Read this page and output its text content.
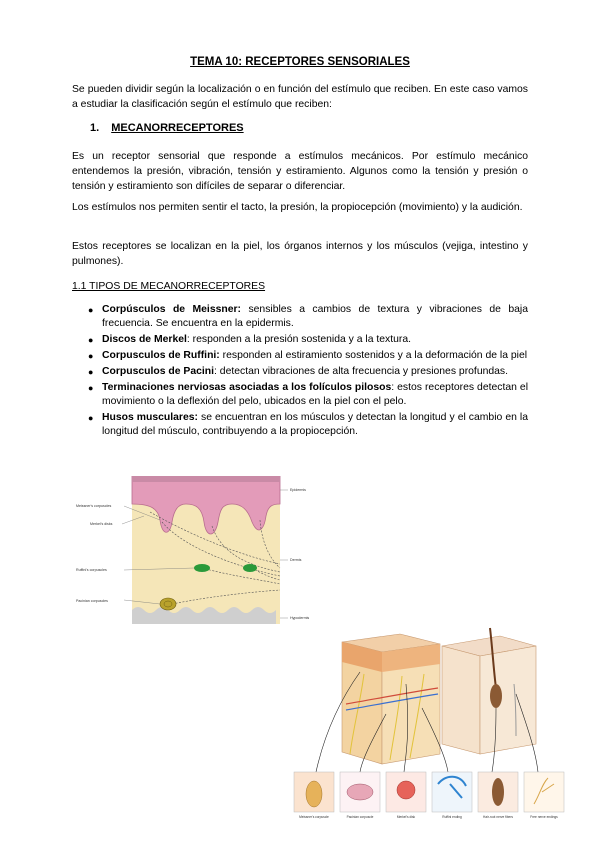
TEMA 10: RECEPTORES SENSORIALES

Se pueden dividir según la localización o en función del estímulo que reciben. En este caso vamos a estudiar la clasificación según el estímulo que reciben:

1. MECANORRECEPTORES

Es un receptor sensorial que responde a estímulos mecánicos. Por estímulo mecánico entendemos la presión, vibración, tensión y estiramiento. Algunos como la tensión y presión o tensión y estiramiento son difíciles de separar o diferenciar.

Los estímulos nos permiten sentir el tacto, la presión, la propiocepción (movimiento) y la audición.

Estos receptores se localizan en la piel, los órganos internos y los músculos (vejiga, intestino y pulmones).

1.1 TIPOS DE MECANORRECEPTORES
● Corpúsculos de Meissner: sensibles a cambios de textura y vibraciones de baja frecuencia. Se encuentra en la epidermis.
● Discos de Merkel: responden a la presión sostenida y a la textura.
● Corpusculos de Ruffini: responden al estiramiento sostenidos y a la deformación de la piel
● Corpusculos de Pacini: detectan vibraciones de alta frecuencia y presiones profundas.
● Terminaciones nerviosas asociadas a los folículos pilosos: estos receptores detectan el movimiento o la deflexión del pelo, ubicados en la piel con el pelo.
● Husos musculares: se encuentran en los músculos y detectan la longitud y el cambio en la longitud del músculo, contribuyendo a la propiocepción.
Meissner's corpuscles
Merkel's disks
Ruffini's corpuscles
Pacinian corpuscles
Epidermis
Dermis
Hypodermis
Meissner's corpuscle	Pacinian corpuscle	Merkel's disk	Ruffini ending	Hair-root nerve fibers	Free nerve endings
